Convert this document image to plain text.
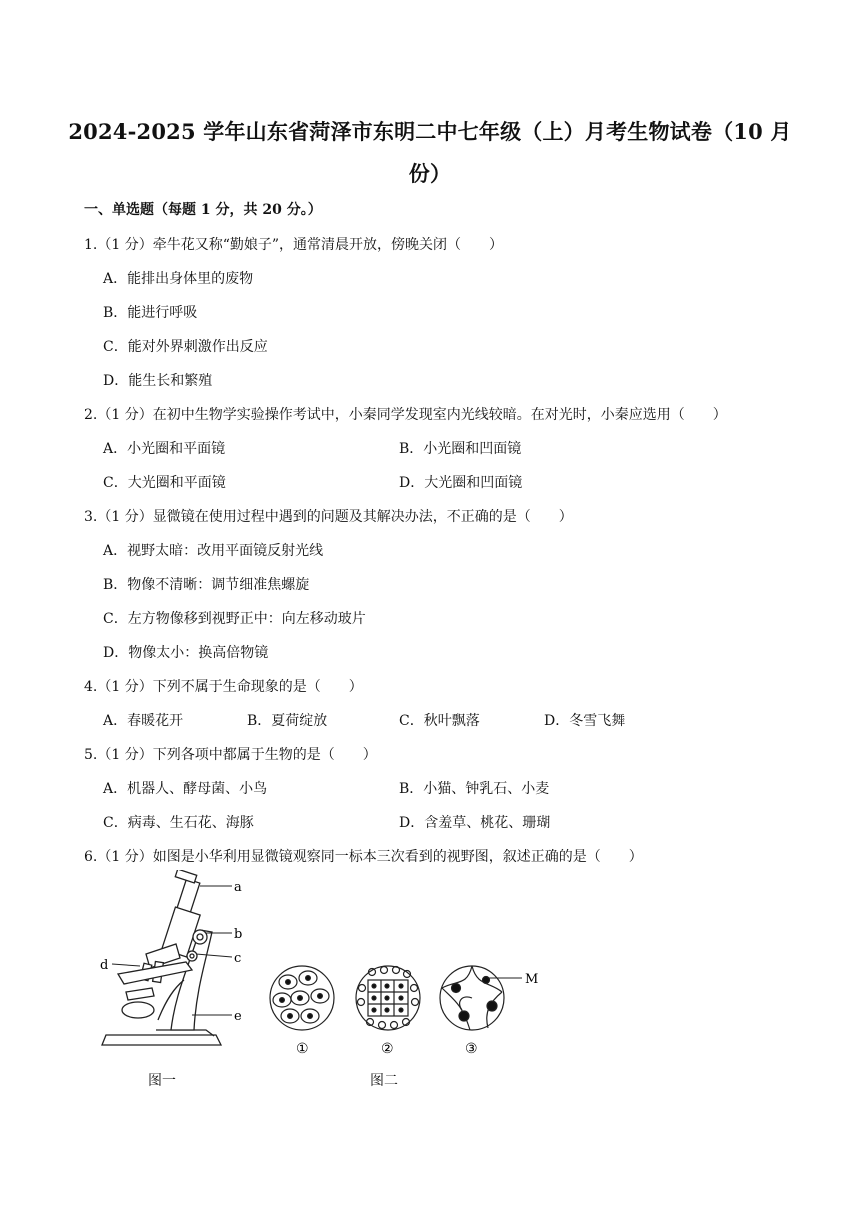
2024-2025 学年山东省菏泽市东明二中七年级（上）月考生物试卷（10 月
份）
一、单选题（每题 1 分，共 20 分。）
1.（1 分）牵牛花又称“勤娘子”，通常清晨开放，傍晚关闭（　　）
A．能排出身体里的废物
B．能进行呼吸
C．能对外界刺激作出反应
D．能生长和繁殖
2.（1 分）在初中生物学实验操作考试中，小秦同学发现室内光线较暗。在对光时，小秦应选用（　　）
A．小光圈和平面镜	B．小光圈和凹面镜
C．大光圈和平面镜	D．大光圈和凹面镜
3.（1 分）显微镜在使用过程中遇到的问题及其解决办法，不正确的是（　　）
A．视野太暗：改用平面镜反射光线
B．物像不清晰：调节细准焦螺旋
C．左方物像移到视野正中：向左移动玻片
D．物像太小：换高倍物镜
4.（1 分）下列不属于生命现象的是（　　）
A．春暖花开	B．夏荷绽放	C．秋叶飘落	D．冬雪飞舞
5.（1 分）下列各项中都属于生物的是（　　）
A．机器人、酵母菌、小鸟	B．小猫、钟乳石、小麦
C．病毒、生石花、海豚	D．含羞草、桃花、珊瑚
6.（1 分）如图是小华利用显微镜观察同一标本三次看到的视野图，叙述正确的是（　　）
a
b
c
d
e
图一
M
①	②	③
图二
